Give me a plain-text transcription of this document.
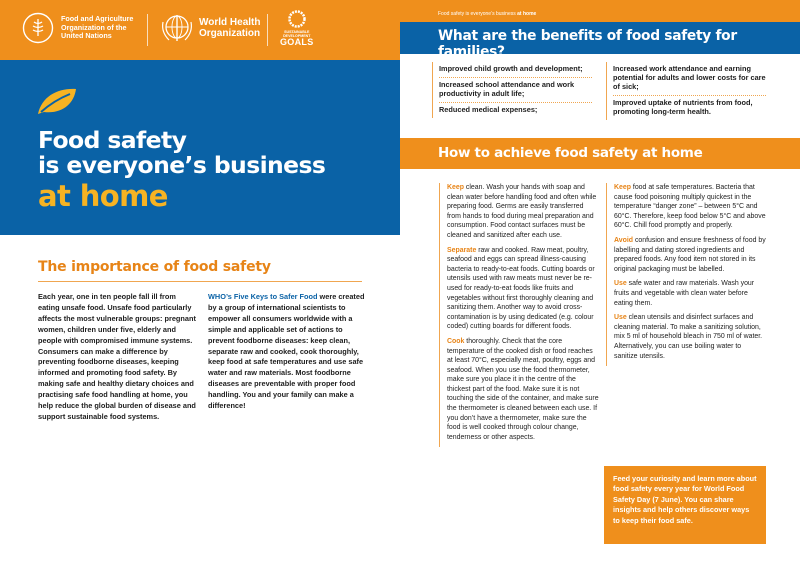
Food and Agriculture
Organization of the
United Nations
World Health
Organization	SUSTAINABLE
DEVELOPMENT
GOALS
Food safety
is everyone’s business
at home
The importance of food safety
Each year, one in ten people fall ill from eating unsafe food. Unsafe food particularly affects the most vulnerable groups: pregnant women, children under five, elderly and people with compromised immune systems. Consumers can make a difference by preventing foodborne diseases, keeping informed and promoting food safety. By making safe and healthy dietary choices and practising safe food handling at home, you help reduce the global burden of disease and support sustainable food systems.
WHO’s Five Keys to Safer Food were created by a group of international scientists to empower all consumers worldwide with a simple and applicable set of actions to prevent foodborne diseases: keep clean, separate raw and cooked, cook thoroughly, keep food at safe temperatures and use safe water and raw materials. Most foodborne diseases are preventable with proper food handling. You and your family can make a difference!
Food safety is everyone’s business at home
What are the benefits of food safety for families?
Improved child growth and development;
Increased school attendance and work productivity in adult life;
Reduced medical expenses;
Increased work attendance and earning potential for adults and lower costs for care of sick;
Improved uptake of nutrients from food, promoting long-term health.
How to achieve food safety at home

Keep clean. Wash your hands with soap and clean water before handling food and often while preparing food. Germs are easily transferred from hands to food during meal preparation and consumption. Food contact surfaces must be cleaned and sanitized after each use.

Separate raw and cooked. Raw meat, poultry, seafood and eggs can spread illness-causing bacteria to ready-to-eat foods. Cutting boards or utensils used with raw meats must never be re-used for ready-to-eat foods like fruits and vegetables without first thoroughly cleaning and sanitizing them. Another way to avoid cross-contamination is by using dedicated (e.g. colour coded) cutting boards for different foods.

Cook thoroughly. Check that the core temperature of the cooked dish or food reaches at least 70°C, especially meat, poultry, eggs and seafood. When you use the food thermometer, make sure you place it in the centre of the thickest part of the food. Make sure it is not touching the side of the container, and make sure the thermometer is cleaned between each use. If you don’t have a thermometer, make sure the food is well cooked through colour change, tenderness or other aspects.

Keep food at safe temperatures. Bacteria that cause food poisoning multiply quickest in the temperature “danger zone” – between 5°C and 60°C. Therefore, keep food below 5°C and above 60°C. Chill food promptly and properly.

Avoid confusion and ensure freshness of food by labelling and dating stored ingredients and prepared foods. Any food item not stored in its original packaging must be labelled.

Use safe water and raw materials. Wash your fruits and vegetable with clean water before eating them.

Use clean utensils and disinfect surfaces and cleaning material. To make a sanitizing solution, mix 5 ml of household bleach in 750 ml of water. Alternatively, you can use boiling water to sanitize utensils.

Feed your curiosity and learn more about food safety every year for World Food Safety Day (7 June). You can share insights and help others discover ways to keep their food safe.
